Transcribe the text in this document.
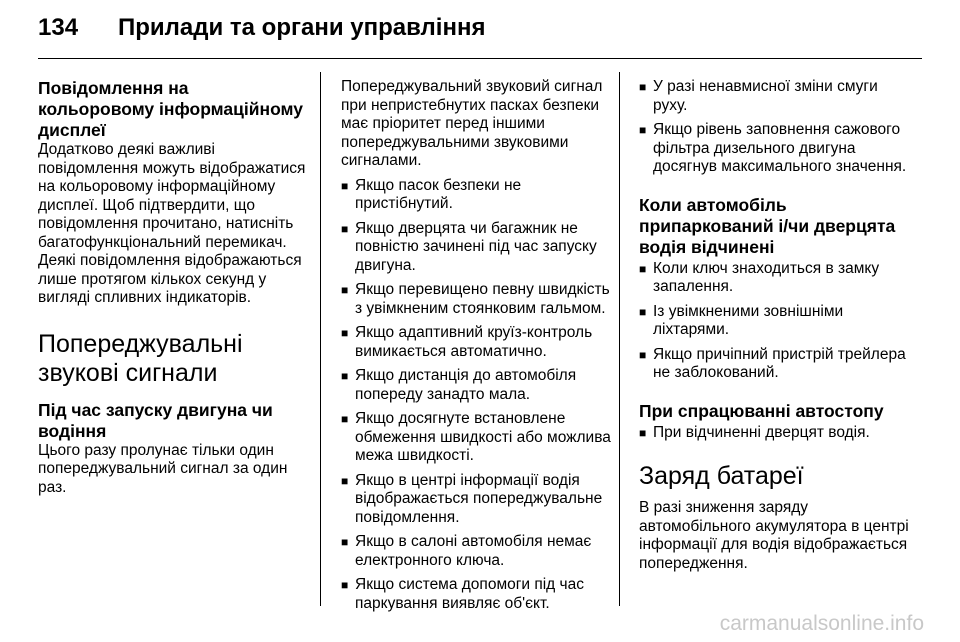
134	Прилади та органи управління
Повідомлення на кольоровому інформаційному дисплеї
Додатково деякі важливі повідомлення можуть відображатися на кольоровому інформаційному дисплеї. Щоб підтвердити, що повідомлення прочитано, натисніть багатофункціональний перемикач. Деякі повідомлення відображаються лише протягом кількох секунд у вигляді спливних індикаторів.
Попереджувальні звукові сигнали
Під час запуску двигуна чи водіння
Цього разу пролунає тільки один попереджувальний сигнал за один раз.
Попереджувальний звуковий сигнал при непристебнутих пасках безпеки має пріоритет перед іншими попереджувальними звуковими сигналами.
■ Якщо пасок безпеки не пристібнутий.
■ Якщо дверцята чи багажник не повністю зачинені під час запуску двигуна.
■ Якщо перевищено певну швидкість з увімкненим стоянковим гальмом.
■ Якщо адаптивний круїз-контроль вимикається автоматично.
■ Якщо дистанція до автомобіля попереду занадто мала.
■ Якщо досягнуте встановлене обмеження швидкості або можлива межа швидкості.
■ Якщо в центрі інформації водія відображається попереджувальне повідомлення.
■ Якщо в салоні автомобіля немає електронного ключа.
■ Якщо система допомоги під час паркування виявляє об'єкт.
■ У разі ненавмисної зміни смуги руху.
■ Якщо рівень заповнення сажового фільтра дизельного двигуна досягнув максимального значення.
Коли автомобіль припаркований і/чи дверцята водія відчинені
■ Коли ключ знаходиться в замку запалення.
■ Із увімкненими зовнішніми ліхтарями.
■ Якщо причіпний пристрій трейлера не заблокований.
При спрацюванні автостопу
■ При відчиненні дверцят водія.
Заряд батареї
В разі зниження заряду автомобільного акумулятора в центрі інформації для водія відображається попередження.
carmanualsonline.info
